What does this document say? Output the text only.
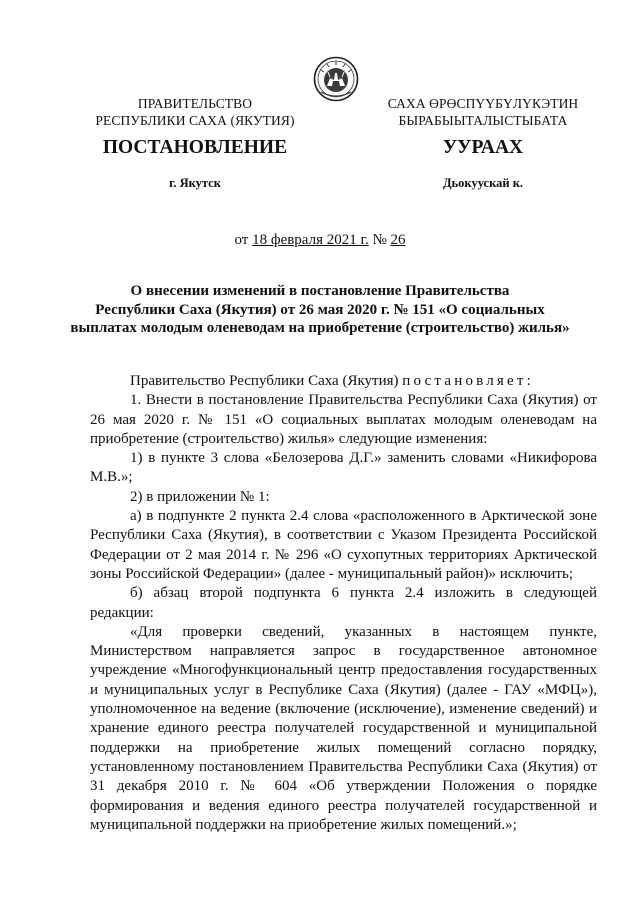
ПРАВИТЕЛЬСТВО
РЕСПУБЛИКИ САХА (ЯКУТИЯ)
САХА ӨРӨСПҮҮБҮЛҮКЭТИН
БЫРАБЫЫТАЛЫСТЫБАТА
ПОСТАНОВЛЕНИЕ	УУРААХ
г. Якутск	Дьокуускай к.
от 18 февраля 2021 г. № 26
О внесении изменений в постановление Правительства
Республики Саха (Якутия) от 26 мая 2020 г. № 151 «О социальных
выплатах молодым оленеводам на приобретение (строительство) жилья»

Правительство Республики Саха (Якутия) постановляет:

1. Внести в постановление Правительства Республики Саха (Якутия) от 26 мая 2020 г. № 151 «О социальных выплатах молодым оленеводам на приобретение (строительство) жилья» следующие изменения:

1) в пункте 3 слова «Белозерова Д.Г.» заменить словами «Никифорова М.В.»;

2) в приложении № 1:

а) в подпункте 2 пункта 2.4 слова «расположенного в Арктической зоне Республики Саха (Якутия), в соответствии с Указом Президента Российской Федерации от 2 мая 2014 г. № 296 «О сухопутных территориях Арктической зоны Российской Федерации» (далее - муниципальный район)» исключить;

б) абзац второй подпункта 6 пункта 2.4 изложить в следующей редакции:

«Для проверки сведений, указанных в настоящем пункте, Министерством направляется запрос в государственное автономное учреждение «Многофункциональный центр предоставления государственных и муниципальных услуг в Республике Саха (Якутия) (далее - ГАУ «МФЦ»), уполномоченное на ведение (включение (исключение), изменение сведений) и хранение единого реестра получателей государственной и муниципальной поддержки на приобретение жилых помещений согласно порядку, установленному постановлением Правительства Республики Саха (Якутия) от 31 декабря 2010 г. № 604 «Об утверждении Положения о порядке формирования и ведения единого реестра получателей государственной и муниципальной поддержки на приобретение жилых помещений.»;
